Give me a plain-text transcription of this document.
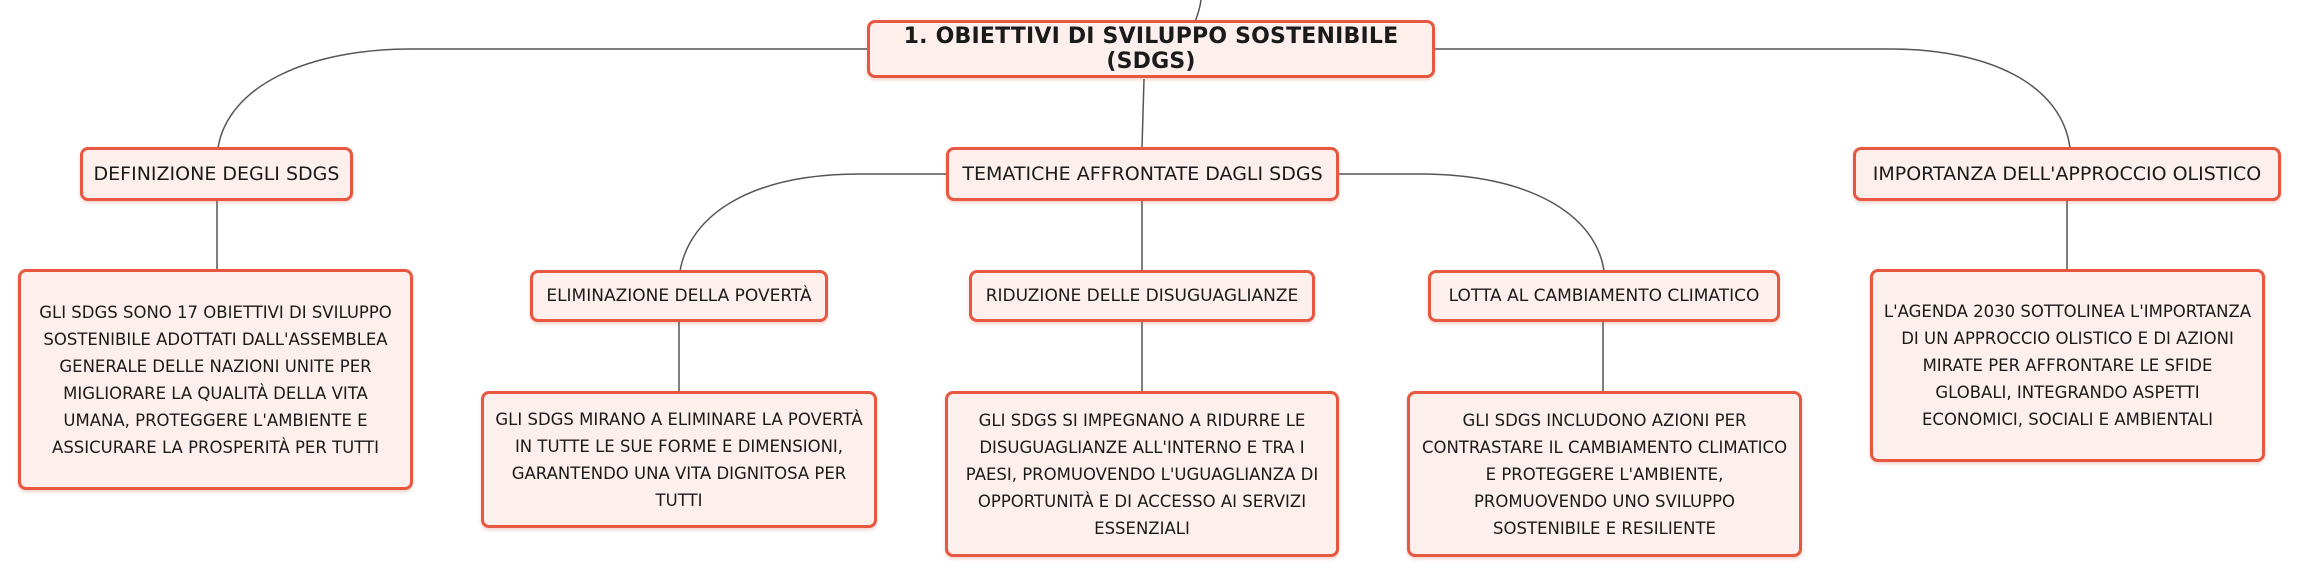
1. OBIETTIVI DI SVILUPPO SOSTENIBILE (SDGS)
DEFINIZIONE DEGLI SDGS	TEMATICHE AFFRONTATE DAGLI SDGS	IMPORTANZA DELL'APPROCCIO OLISTICO
ELIMINAZIONE DELLA POVERTÀ	RIDUZIONE DELLE DISUGUAGLIANZE	LOTTA AL CAMBIAMENTO CLIMATICO
GLI SDGS SONO 17 OBIETTIVI DI SVILUPPO SOSTENIBILE ADOTTATI DALL'ASSEMBLEA GENERALE DELLE NAZIONI UNITE PER MIGLIORARE LA QUALITÀ DELLA VITA UMANA, PROTEGGERE L'AMBIENTE E ASSICURARE LA PROSPERITÀ PER TUTTI
GLI SDGS MIRANO A ELIMINARE LA POVERTÀ IN TUTTE LE SUE FORME E DIMENSIONI, GARANTENDO UNA VITA DIGNITOSA PER TUTTI
GLI SDGS SI IMPEGNANO A RIDURRE LE DISUGUAGLIANZE ALL'INTERNO E TRA I PAESI, PROMUOVENDO L'UGUAGLIANZA DI OPPORTUNITÀ E DI ACCESSO AI SERVIZI ESSENZIALI
GLI SDGS INCLUDONO AZIONI PER CONTRASTARE IL CAMBIAMENTO CLIMATICO E PROTEGGERE L'AMBIENTE, PROMUOVENDO UNO SVILUPPO SOSTENIBILE E RESILIENTE
L'AGENDA 2030 SOTTOLINEA L'IMPORTANZA DI UN APPROCCIO OLISTICO E DI AZIONI MIRATE PER AFFRONTARE LE SFIDE GLOBALI, INTEGRANDO ASPETTI ECONOMICI, SOCIALI E AMBIENTALI
